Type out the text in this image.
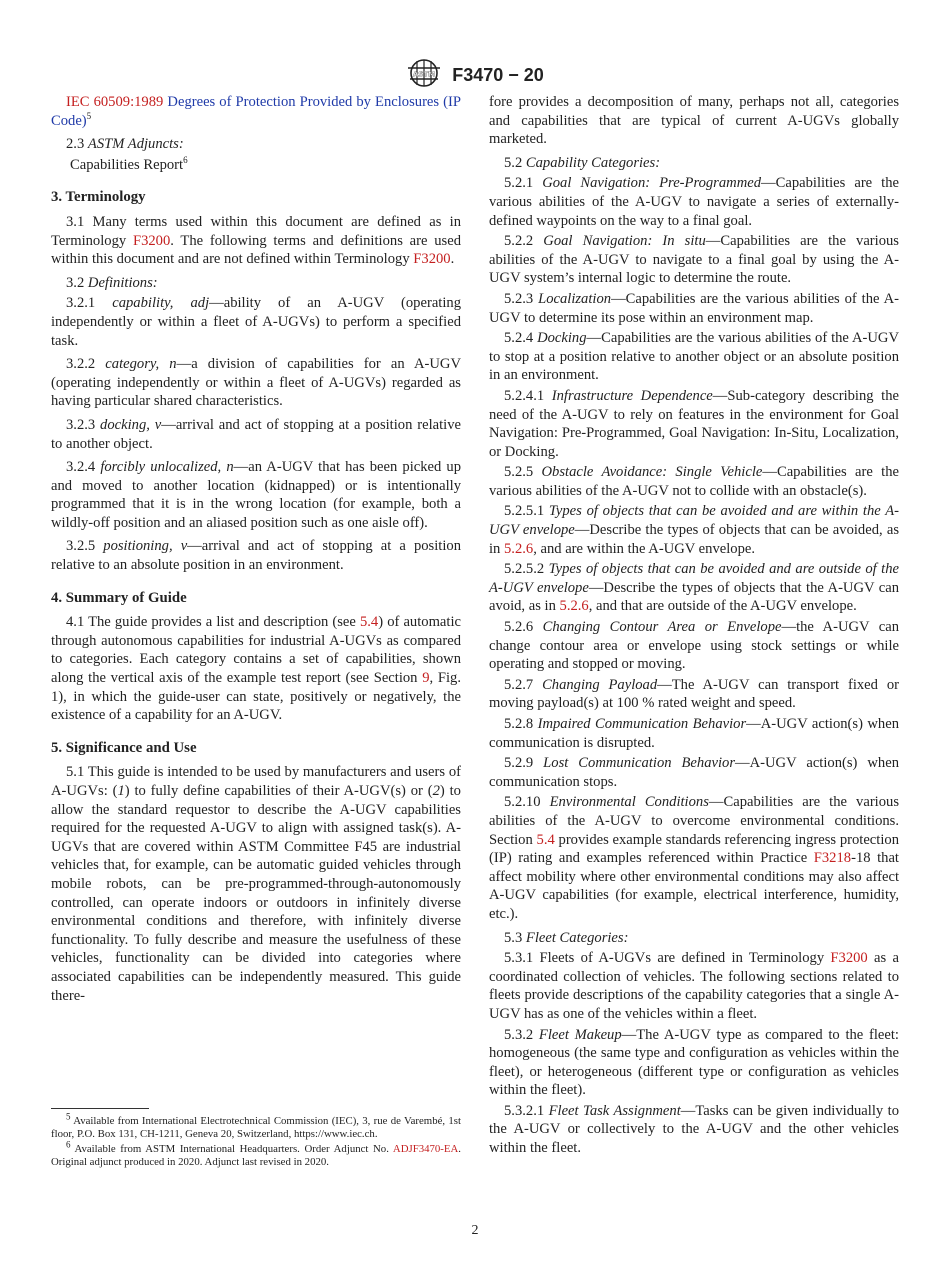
ASTM F3470 − 20

IEC 60509:1989 Degrees of Protection Provided by Enclosures (IP Code)$^5$

2.3 ASTM Adjuncts:

Capabilities Report$^6$

3. Terminology

3.1 Many terms used within this document are defined as in Terminology F3200. The following terms and definitions are used within this document and are not defined within Terminology F3200.

3.2 Definitions:

3.2.1 capability, adj—ability of an A-UGV (operating independently or within a fleet of A-UGVs) to perform a specified task.

3.2.2 category, n—a division of capabilities for an A-UGV (operating independently or within a fleet of A-UGVs) regarded as having particular shared characteristics.

3.2.3 docking, v—arrival and act of stopping at a position relative to another object.

3.2.4 forcibly unlocalized, n—an A-UGV that has been picked up and moved to another location (kidnapped) or is intentionally programmed that it is in the wrong location (for example, both a wildly-off position and an aliased position such as one aisle off).

3.2.5 positioning, v—arrival and act of stopping at a position relative to an absolute position in an environment.

4. Summary of Guide

4.1 The guide provides a list and description (see 5.4) of automatic through autonomous capabilities for industrial A-UGVs as compared to categories. Each category contains a set of capabilities, shown along the vertical axis of the example test report (see Section 9, Fig. 1), in which the guide-user can state, positively or negatively, the existence of a capability for an A-UGV.

5. Significance and Use

5.1 This guide is intended to be used by manufacturers and users of A-UGVs: (1) to fully define capabilities of their A-UGV(s) or (2) to allow the standard requestor to describe the A-UGV capabilities required for the requested A-UGV to align with assigned task(s). A-UGVs that are covered within ASTM Committee F45 are industrial vehicles that, for example, can be automatic guided vehicles through mobile robots, can be pre-programmed-through-autonomously controlled, can operate indoors or outdoors in infinitely diverse environmental conditions and therefore, with infinitely diverse functionality. To fully describe and measure the usefulness of these vehicles, functionality can be divided into categories where associated capabilities can be independently measured. This guide there-

$^5$ Available from International Electrotechnical Commission (IEC), 3, rue de Varembé, 1st floor, P.O. Box 131, CH-1211, Geneva 20, Switzerland, https://www.iec.ch.

$^6$ Available from ASTM International Headquarters. Order Adjunct No. ADJF3470-EA. Original adjunct produced in 2020. Adjunct last revised in 2020.

fore provides a decomposition of many, perhaps not all, categories and capabilities that are typical of current A-UGVs globally marketed.

5.2 Capability Categories:

5.2.1 Goal Navigation: Pre-Programmed—Capabilities are the various abilities of the A-UGV to navigate a series of externally-defined waypoints on the way to a final goal.

5.2.2 Goal Navigation: In situ—Capabilities are the various abilities of the A-UGV to navigate to a final goal by using the A-UGV system’s internal logic to determine the route.

5.2.3 Localization—Capabilities are the various abilities of the A-UGV to determine its pose within an environment map.

5.2.4 Docking—Capabilities are the various abilities of the A-UGV to stop at a position relative to another object or an absolute position in an environment.

5.2.4.1 Infrastructure Dependence—Sub-category describing the need of the A-UGV to rely on features in the environment for Goal Navigation: Pre-Programmed, Goal Navigation: In-Situ, Localization, or Docking.

5.2.5 Obstacle Avoidance: Single Vehicle—Capabilities are the various abilities of the A-UGV not to collide with an obstacle(s).

5.2.5.1 Types of objects that can be avoided and are within the A-UGV envelope—Describe the types of objects that can be avoided, as in 5.2.6, and are within the A-UGV envelope.

5.2.5.2 Types of objects that can be avoided and are outside of the A-UGV envelope—Describe the types of objects that the A-UGV can avoid, as in 5.2.6, and that are outside of the A-UGV envelope.

5.2.6 Changing Contour Area or Envelope—the A-UGV can change contour area or envelope using stock settings or while operating and stopped or moving.

5.2.7 Changing Payload—The A-UGV can transport fixed or moving payload(s) at 100 % rated weight and speed.

5.2.8 Impaired Communication Behavior—A-UGV action(s) when communication is disrupted.

5.2.9 Lost Communication Behavior—A-UGV action(s) when communication stops.

5.2.10 Environmental Conditions—Capabilities are the various abilities of the A-UGV to overcome environmental conditions. Section 5.4 provides example standards referencing ingress protection (IP) rating and examples referenced within Practice F3218-18 that affect mobility where other environmental conditions may also affect A-UGV capabilities (for example, electrical interference, humidity, etc.).

5.3 Fleet Categories:

5.3.1 Fleets of A-UGVs are defined in Terminology F3200 as a coordinated collection of vehicles. The following sections related to fleets provide descriptions of the capability categories that a single A-UGV has as one of the vehicles within a fleet.

5.3.2 Fleet Makeup—The A-UGV type as compared to the fleet: homogeneous (the same type and configuration as vehicles within the fleet), or heterogeneous (different type or configuration as vehicles within the fleet).

5.3.2.1 Fleet Task Assignment—Tasks can be given individually to the A-UGV or collectively to the A-UGV and the other vehicles within the fleet.

2
